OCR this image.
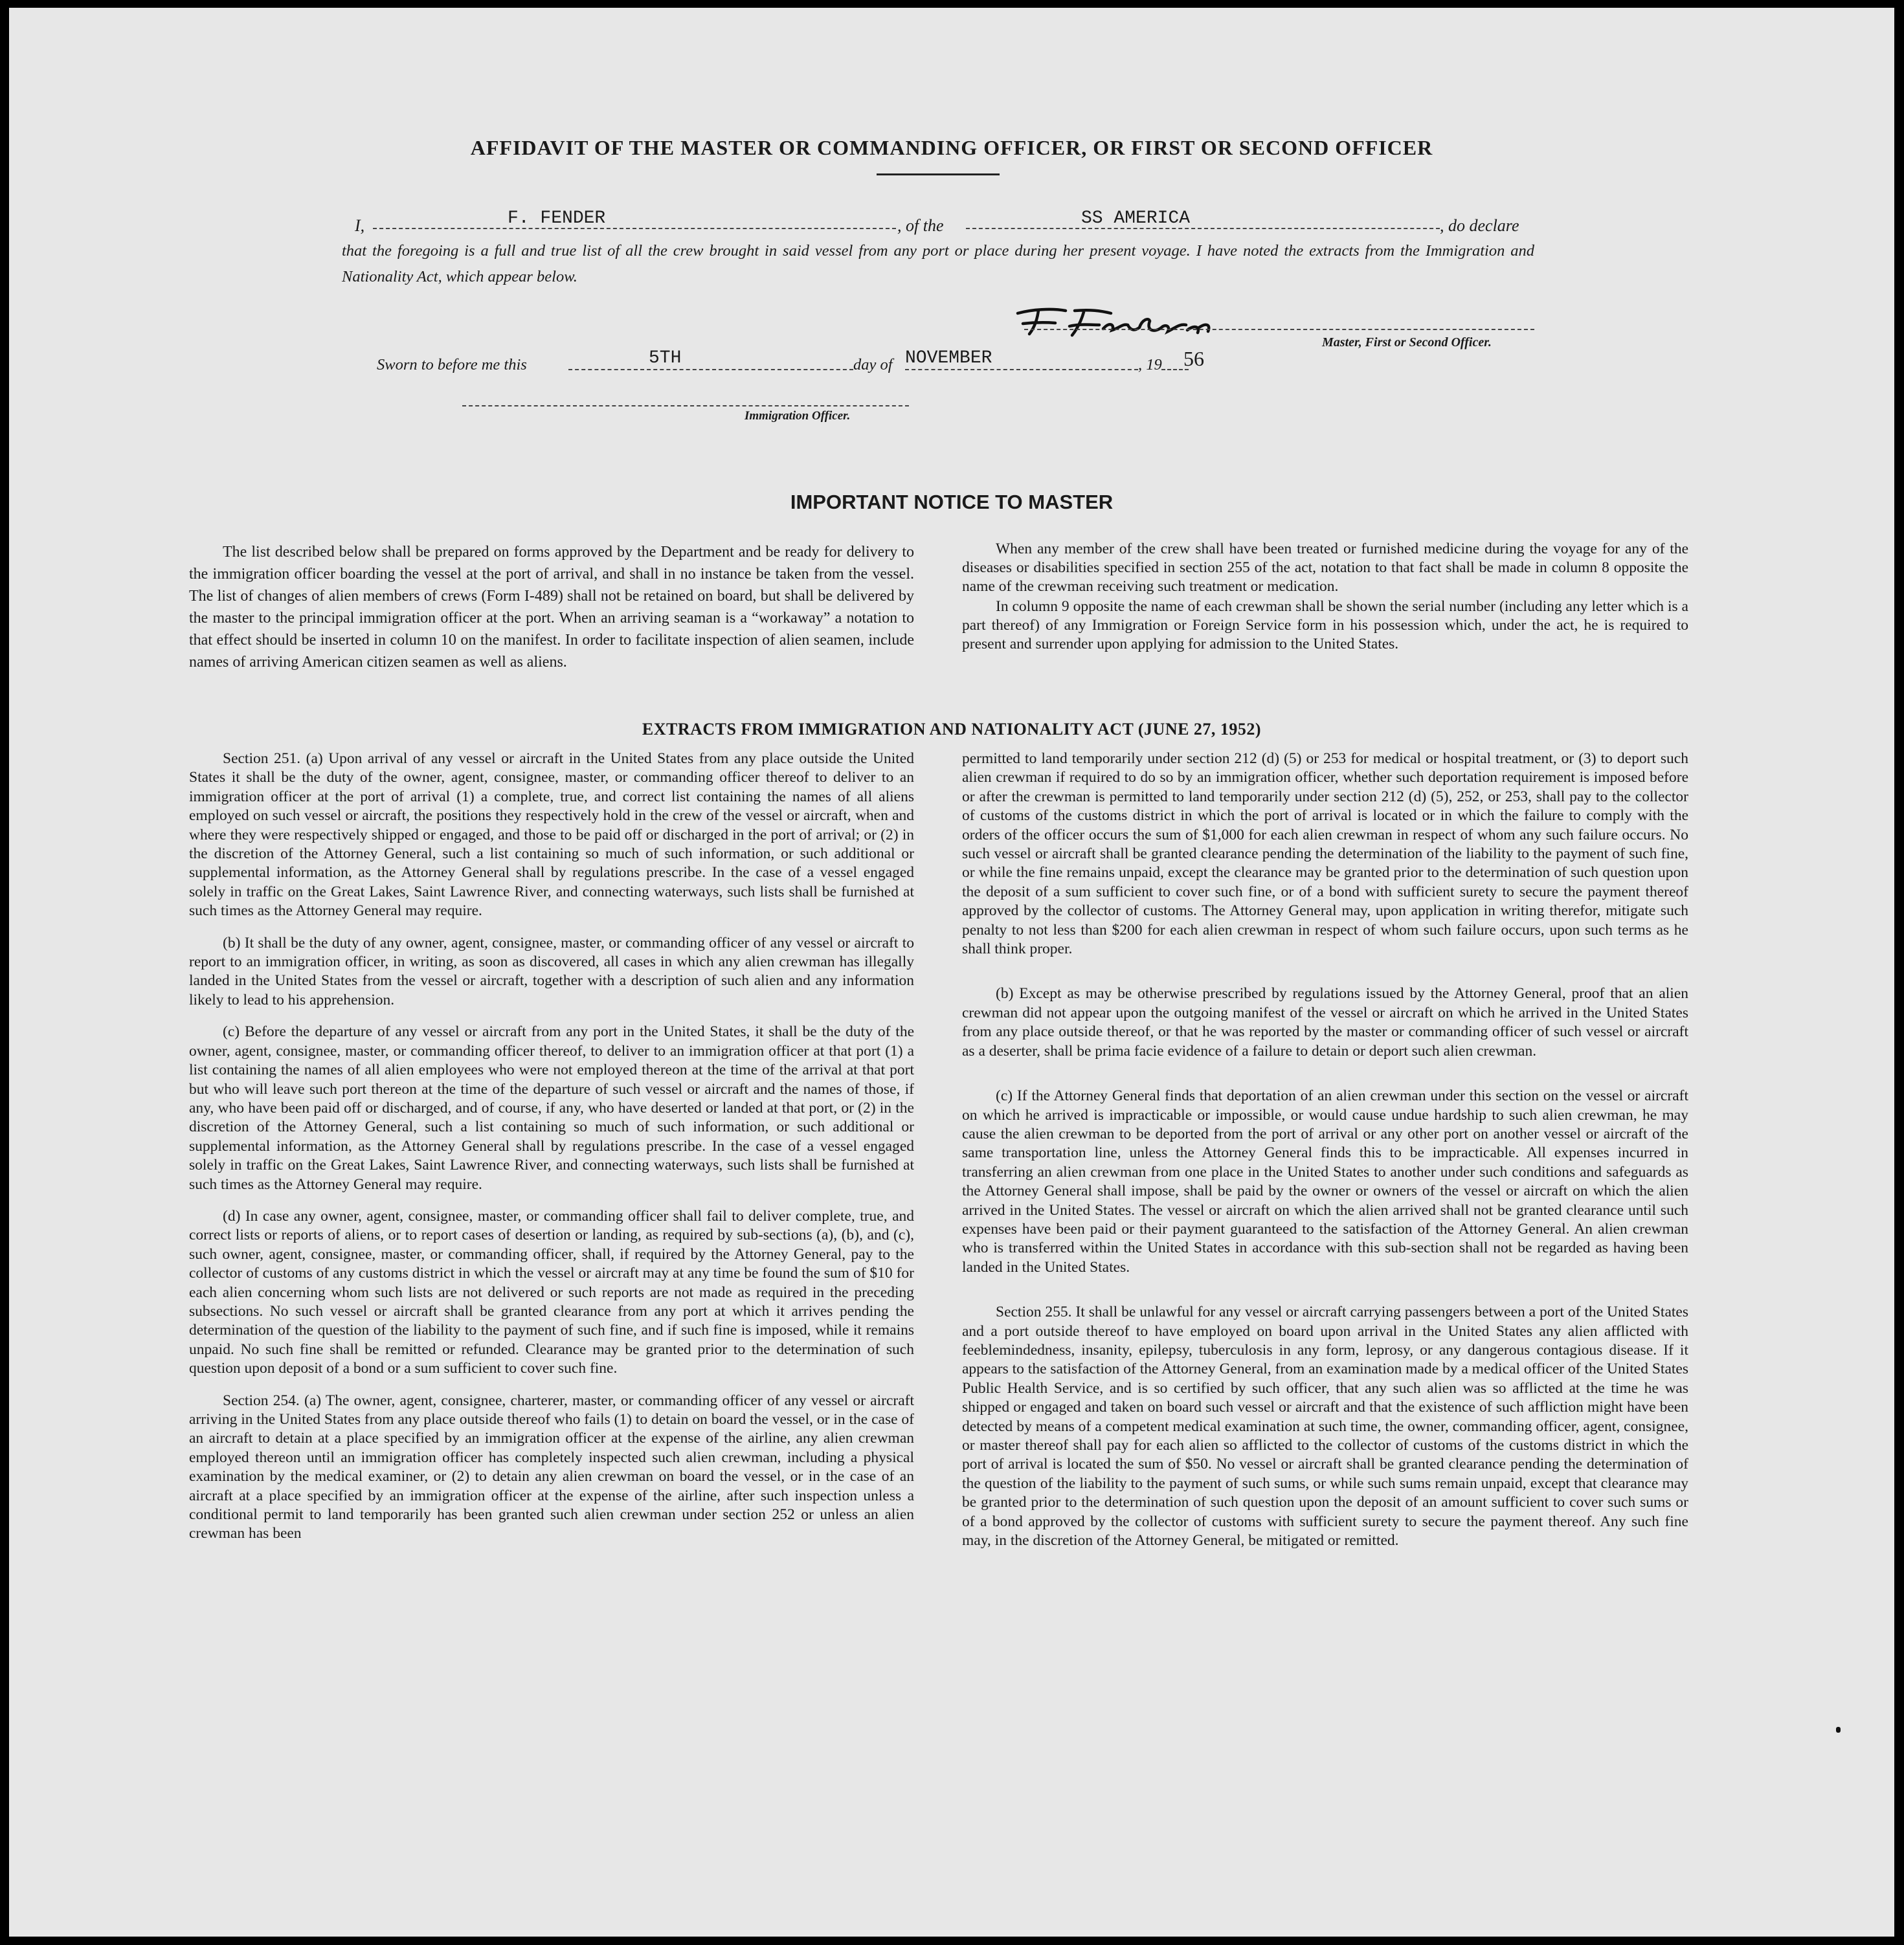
AFFIDAVIT OF THE MASTER OR COMMANDING OFFICER, OR FIRST OR SECOND OFFICER
I,	F. FENDER	, of the	SS AMERICA	, do declare
that the foregoing is a full and true list of all the crew brought in said vessel from any port or place during her present voyage. I have noted the extracts from the Immigration and Nationality Act, which appear below.
Master, First or Second Officer.
Sworn to before me this	5TH	day of NOVEMBER	, 19 56
Immigration Officer.
IMPORTANT NOTICE TO MASTER

The list described below shall be prepared on forms approved by the Department and be ready for delivery to the immigration officer boarding the vessel at the port of arrival, and shall in no instance be taken from the vessel. The list of changes of alien members of crews (Form I-489) shall not be retained on board, but shall be delivered by the master to the principal immigration officer at the port. When an arriving seaman is a “workaway” a notation to that effect should be inserted in column 10 on the manifest. In order to facilitate inspection of alien seamen, include names of arriving American citizen seamen as well as aliens.

When any member of the crew shall have been treated or furnished medicine during the voyage for any of the diseases or disabilities specified in section 255 of the act, notation to that fact shall be made in column 8 opposite the name of the crewman receiving such treatment or medication.

In column 9 opposite the name of each crewman shall be shown the serial number (including any letter which is a part thereof) of any Immigration or Foreign Service form in his possession which, under the act, he is required to present and surrender upon applying for admission to the United States.

EXTRACTS FROM IMMIGRATION AND NATIONALITY ACT (JUNE 27, 1952)

Section 251. (a) Upon arrival of any vessel or aircraft in the United States from any place outside the United States it shall be the duty of the owner, agent, consignee, master, or commanding officer thereof to deliver to an immigration officer at the port of arrival (1) a complete, true, and correct list containing the names of all aliens employed on such vessel or aircraft, the positions they respectively hold in the crew of the vessel or aircraft, when and where they were respectively shipped or engaged, and those to be paid off or discharged in the port of arrival; or (2) in the discretion of the Attorney General, such a list containing so much of such information, or such additional or supplemental information, as the Attorney General shall by regulations prescribe. In the case of a vessel engaged solely in traffic on the Great Lakes, Saint Lawrence River, and connecting waterways, such lists shall be furnished at such times as the Attorney General may require.

(b) It shall be the duty of any owner, agent, consignee, master, or commanding officer of any vessel or aircraft to report to an immigration officer, in writing, as soon as discovered, all cases in which any alien crewman has illegally landed in the United States from the vessel or aircraft, together with a description of such alien and any information likely to lead to his apprehension.

(c) Before the departure of any vessel or aircraft from any port in the United States, it shall be the duty of the owner, agent, consignee, master, or commanding officer thereof, to deliver to an immigration officer at that port (1) a list containing the names of all alien employees who were not employed thereon at the time of the arrival at that port but who will leave such port thereon at the time of the departure of such vessel or aircraft and the names of those, if any, who have been paid off or discharged, and of course, if any, who have deserted or landed at that port, or (2) in the discretion of the Attorney General, such a list containing so much of such information, or such additional or supplemental information, as the Attorney General shall by regulations prescribe. In the case of a vessel engaged solely in traffic on the Great Lakes, Saint Lawrence River, and connecting waterways, such lists shall be furnished at such times as the Attorney General may require.

(d) In case any owner, agent, consignee, master, or commanding officer shall fail to deliver complete, true, and correct lists or reports of aliens, or to report cases of desertion or landing, as required by sub-sections (a), (b), and (c), such owner, agent, consignee, master, or commanding officer, shall, if required by the Attorney General, pay to the collector of customs of any customs district in which the vessel or aircraft may at any time be found the sum of $10 for each alien concerning whom such lists are not delivered or such reports are not made as required in the preceding subsections. No such vessel or aircraft shall be granted clearance from any port at which it arrives pending the determination of the question of the liability to the payment of such fine, and if such fine is imposed, while it remains unpaid. No such fine shall be remitted or refunded. Clearance may be granted prior to the determination of such question upon deposit of a bond or a sum sufficient to cover such fine.

Section 254. (a) The owner, agent, consignee, charterer, master, or commanding officer of any vessel or aircraft arriving in the United States from any place outside thereof who fails (1) to detain on board the vessel, or in the case of an aircraft to detain at a place specified by an immigration officer at the expense of the airline, any alien crewman employed thereon until an immigration officer has completely inspected such alien crewman, including a physical examination by the medical examiner, or (2) to detain any alien crewman on board the vessel, or in the case of an aircraft at a place specified by an immigration officer at the expense of the airline, after such inspection unless a conditional permit to land temporarily has been granted such alien crewman under section 252 or unless an alien crewman has been

permitted to land temporarily under section 212 (d) (5) or 253 for medical or hospital treatment, or (3) to deport such alien crewman if required to do so by an immigration officer, whether such deportation requirement is imposed before or after the crewman is permitted to land temporarily under section 212 (d) (5), 252, or 253, shall pay to the collector of customs of the customs district in which the port of arrival is located or in which the failure to comply with the orders of the officer occurs the sum of $1,000 for each alien crewman in respect of whom any such failure occurs. No such vessel or aircraft shall be granted clearance pending the determination of the liability to the payment of such fine, or while the fine remains unpaid, except the clearance may be granted prior to the determination of such question upon the deposit of a sum sufficient to cover such fine, or of a bond with sufficient surety to secure the payment thereof approved by the collector of customs. The Attorney General may, upon application in writing therefor, mitigate such penalty to not less than $200 for each alien crewman in respect of whom such failure occurs, upon such terms as he shall think proper.

(b) Except as may be otherwise prescribed by regulations issued by the Attorney General, proof that an alien crewman did not appear upon the outgoing manifest of the vessel or aircraft on which he arrived in the United States from any place outside thereof, or that he was reported by the master or commanding officer of such vessel or aircraft as a deserter, shall be prima facie evidence of a failure to detain or deport such alien crewman.

(c) If the Attorney General finds that deportation of an alien crewman under this section on the vessel or aircraft on which he arrived is impracticable or impossible, or would cause undue hardship to such alien crewman, he may cause the alien crewman to be deported from the port of arrival or any other port on another vessel or aircraft of the same transportation line, unless the Attorney General finds this to be impracticable. All expenses incurred in transferring an alien crewman from one place in the United States to another under such conditions and safeguards as the Attorney General shall impose, shall be paid by the owner or owners of the vessel or aircraft on which the alien arrived in the United States. The vessel or aircraft on which the alien arrived shall not be granted clearance until such expenses have been paid or their payment guaranteed to the satisfaction of the Attorney General. An alien crewman who is transferred within the United States in accordance with this sub-section shall not be regarded as having been landed in the United States.

Section 255. It shall be unlawful for any vessel or aircraft carrying passengers between a port of the United States and a port outside thereof to have employed on board upon arrival in the United States any alien afflicted with feeblemindedness, insanity, epilepsy, tuberculosis in any form, leprosy, or any dangerous contagious disease. If it appears to the satisfaction of the Attorney General, from an examination made by a medical officer of the United States Public Health Service, and is so certified by such officer, that any such alien was so afflicted at the time he was shipped or engaged and taken on board such vessel or aircraft and that the existence of such affliction might have been detected by means of a competent medical examination at such time, the owner, commanding officer, agent, consignee, or master thereof shall pay for each alien so afflicted to the collector of customs of the customs district in which the port of arrival is located the sum of $50. No vessel or aircraft shall be granted clearance pending the determination of the question of the liability to the payment of such sums, or while such sums remain unpaid, except that clearance may be granted prior to the determination of such question upon the deposit of an amount sufficient to cover such sums or of a bond approved by the collector of customs with sufficient surety to secure the payment thereof. Any such fine may, in the discretion of the Attorney General, be mitigated or remitted.
